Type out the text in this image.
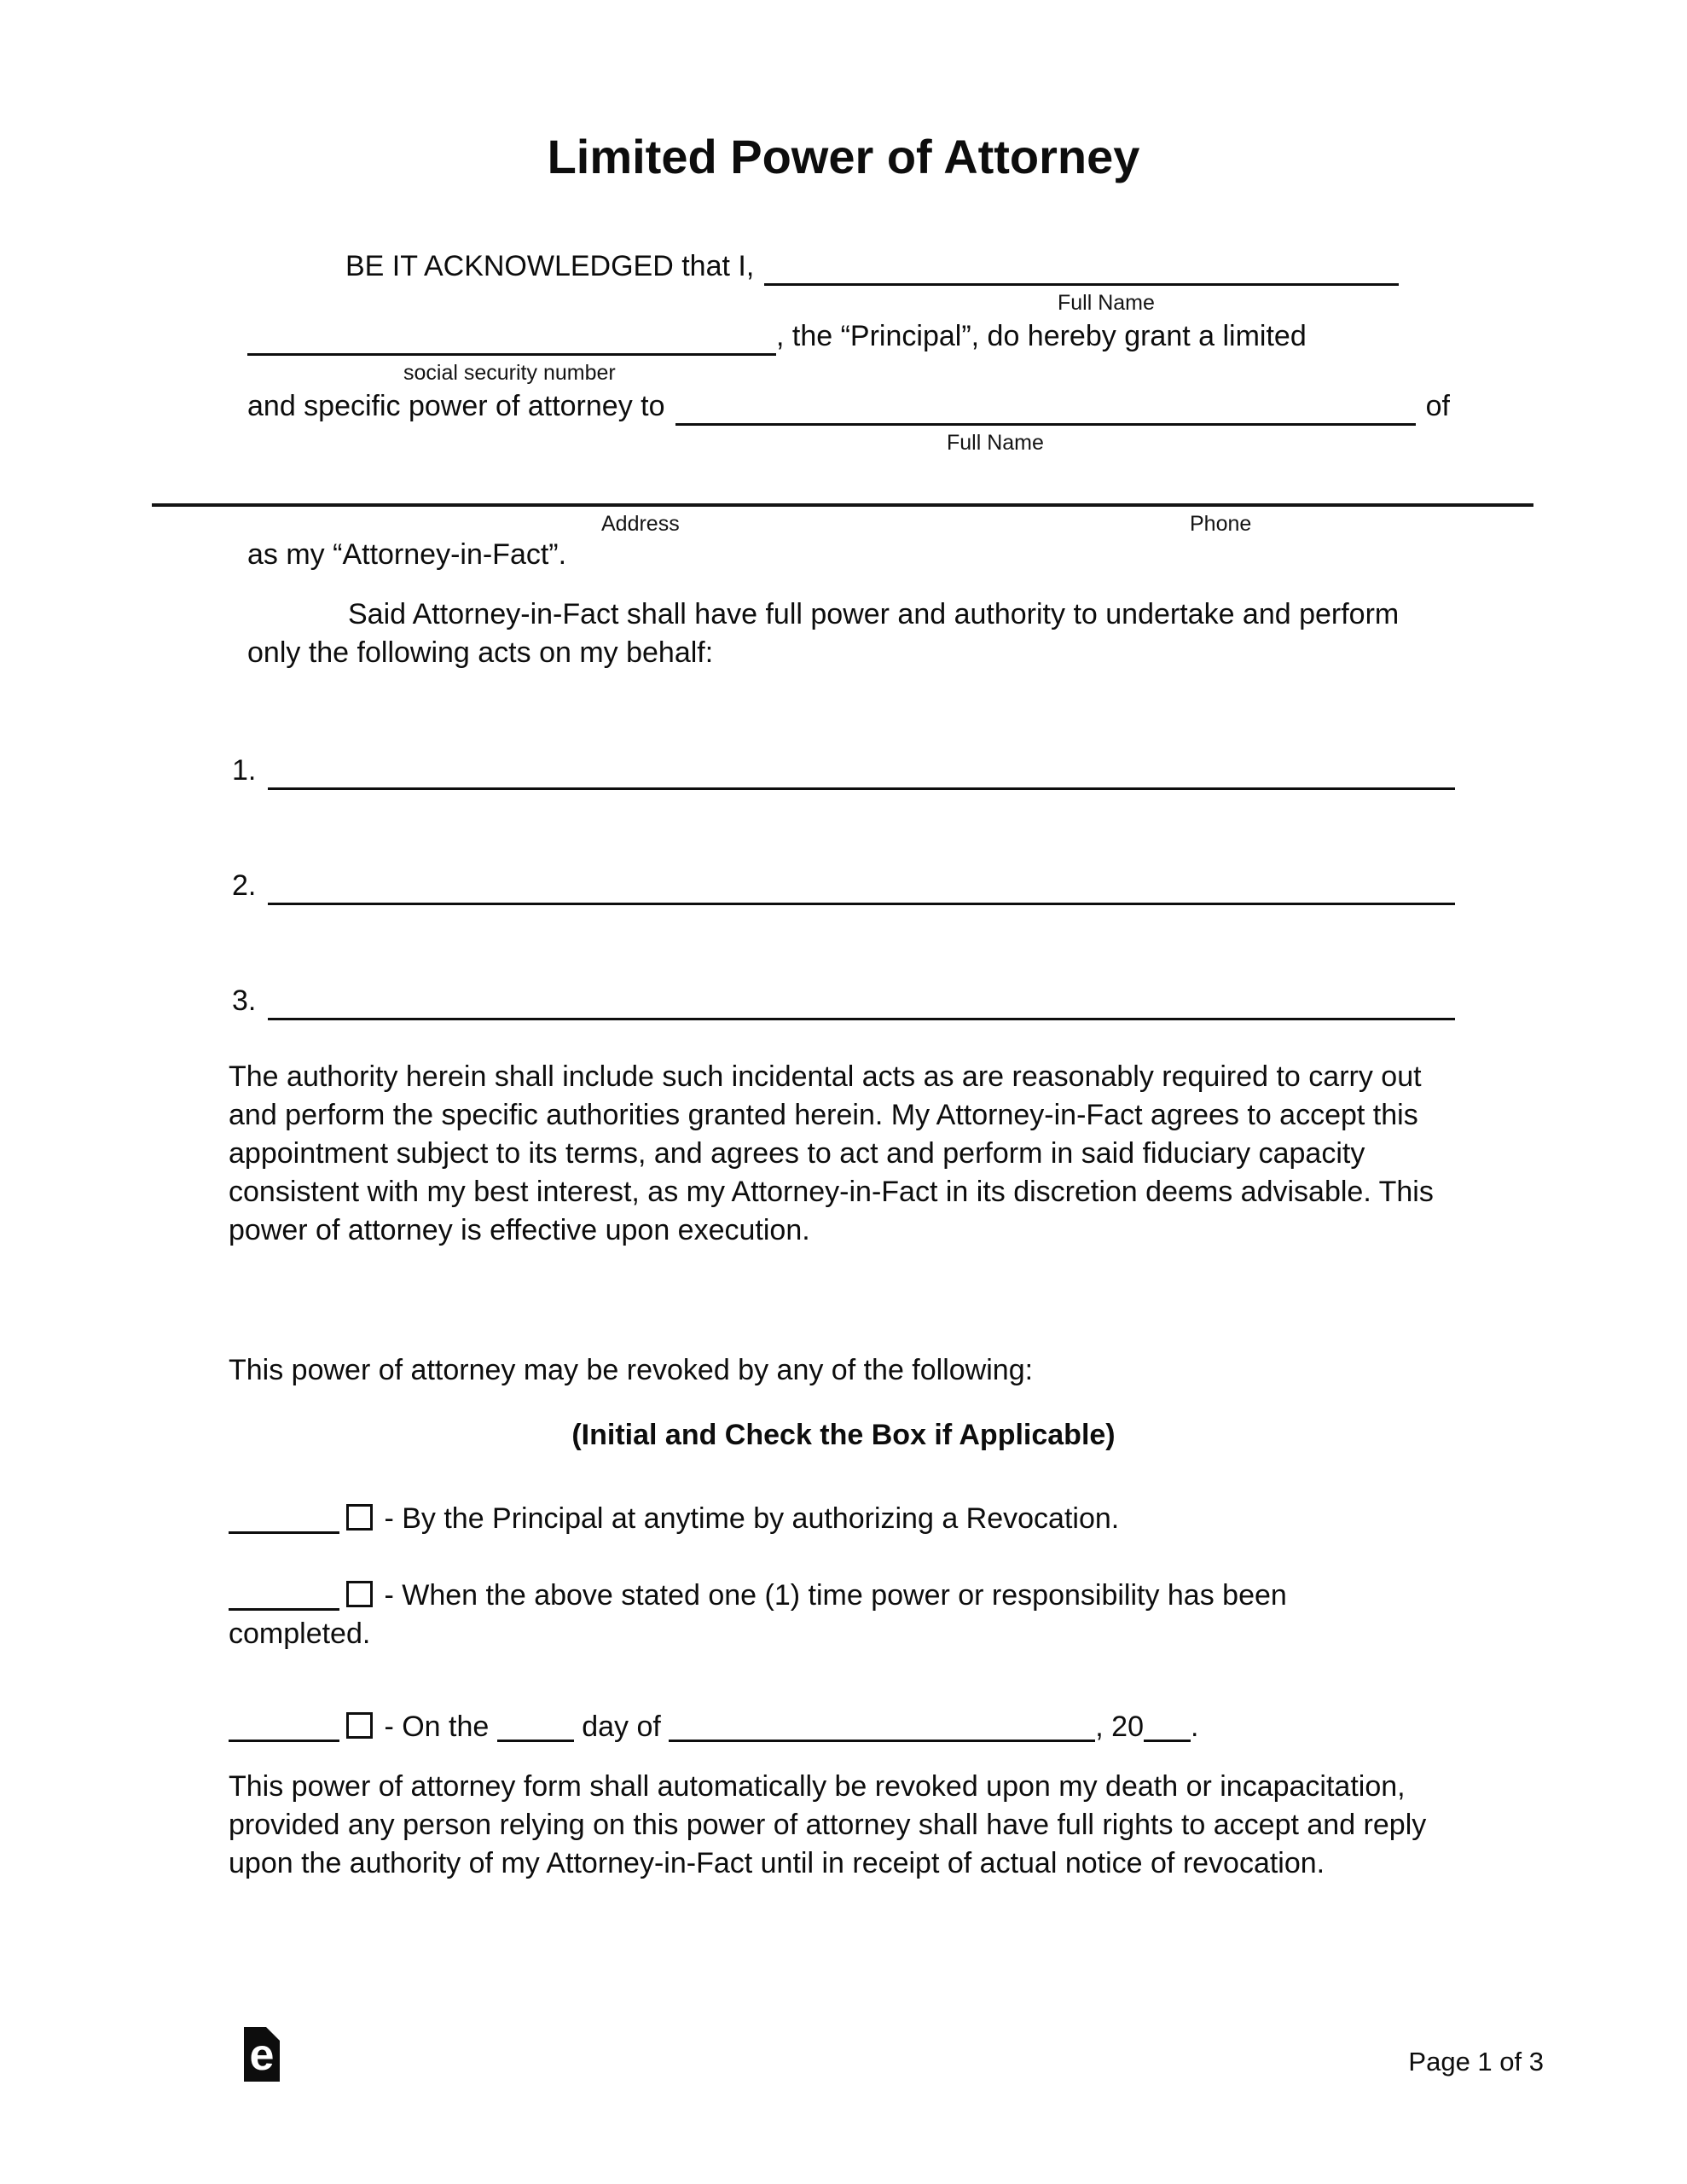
Limited Power of Attorney
BE IT ACKNOWLEDGED that I,
Full Name
, the “Principal”, do hereby grant a limited
social security number
and specific power of attorney to	of
Full Name
Address	Phone

as my “Attorney-in-Fact”.

Said Attorney-in-Fact shall have full power and authority to undertake and perform only the following acts on my behalf:

1.
2.
3.

The authority herein shall include such incidental acts as are reasonably required to carry out and perform the specific authorities granted herein. My Attorney-in-Fact agrees to accept this appointment subject to its terms, and agrees to act and perform in said fiduciary capacity consistent with my best interest, as my Attorney-in-Fact in its discretion deems advisable. This power of attorney is effective upon execution.

This power of attorney may be revoked by any of the following:

(Initial and Check the Box if Applicable)

- By the Principal at anytime by authorizing a Revocation.

- When the above stated one (1) time power or responsibility has been completed.

- On the	day of	, 20 .

This power of attorney form shall automatically be revoked upon my death or incapacitation, provided any person relying on this power of attorney shall have full rights to accept and reply upon the authority of my Attorney-in-Fact until in receipt of actual notice of revocation.

e	Page 1 of 3
